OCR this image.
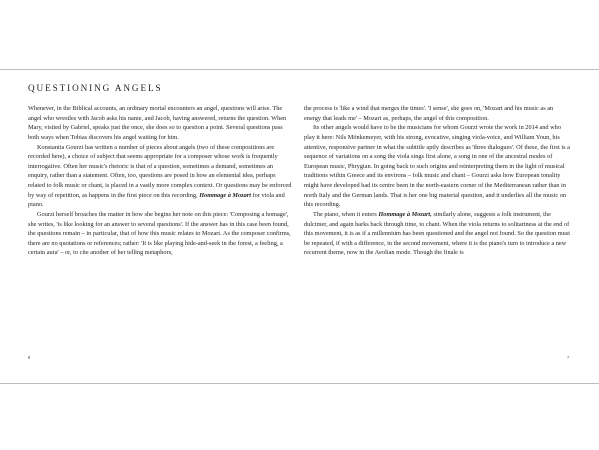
QUESTIONING ANGELS

Whenever, in the Biblical accounts, an ordinary mortal encounters an angel, questions will arise. The angel who wrestles with Jacob asks his name, and Jacob, having answered, returns the question. When Mary, visited by Gabriel, speaks just the once, she does so to question a point. Several questions pass both ways when Tobias discovers his angel waiting for him.

Konstantia Gourzi has written a number of pieces about angels (two of these compositions are recorded here), a choice of subject that seems appropriate for a composer whose work is frequently interrogative. Often her music's rhetoric is that of a question, sometimes a demand, sometimes an enquiry, rather than a statement. Often, too, questions are posed in how an elemental idea, perhaps related to folk music or chant, is placed in a vastly more complex context. Or questions may be enforced by way of repetition, as happens in the first piece on this recording, Hommage à Mozart for viola and piano.

Gourzi herself broaches the matter in how she begins her note on this piece: 'Composing a homage', she writes, 'is like looking for an answer to several questions'. If the answer has in this case been found, the questions remain – in particular, that of how this music relates to Mozart. As the composer confirms, there are no quotations or references; rather: 'It is like playing hide-and-seek in the forest, a feeling, a certain aura' – or, to cite another of her telling metaphors,

the process is 'like a wind that merges the times'. 'I sense', she goes on, 'Mozart and his music as an energy that leads me' – Mozart as, perhaps, the angel of this composition.

Its other angels would have to be the musicians for whom Gourzi wrote the work in 2014 and who play it here: Nils Mönkemeyer, with his strong, evocative, singing viola-voice, and William Youn, his attentive, responsive partner in what the subtitle aptly describes as 'three dialogues'. Of these, the first is a sequence of variations on a song the viola sings first alone, a song in one of the ancestral modes of European music, Phrygian. In going back to such origins and reinterpreting them in the light of musical traditions within Greece and its environs – folk music and chant – Gourzi asks how European tonality might have developed had its centre been in the north-eastern corner of the Mediterranean rather than in north Italy and the German lands. That is her one big material question, and it underlies all the music on this recording.

The piano, when it enters Hommage à Mozart, similarly alone, suggests a folk instrument, the dulcimer, and again harks back through time, to chant. When the viola returns to solitariness at the end of this movement, it is as if a millennium has been questioned and the angel not found. So the question must be repeated, if with a difference, in the second movement, where it is the piano's turn to introduce a new recurrent theme, now in the Aeolian mode. Though the finale is

8	7
